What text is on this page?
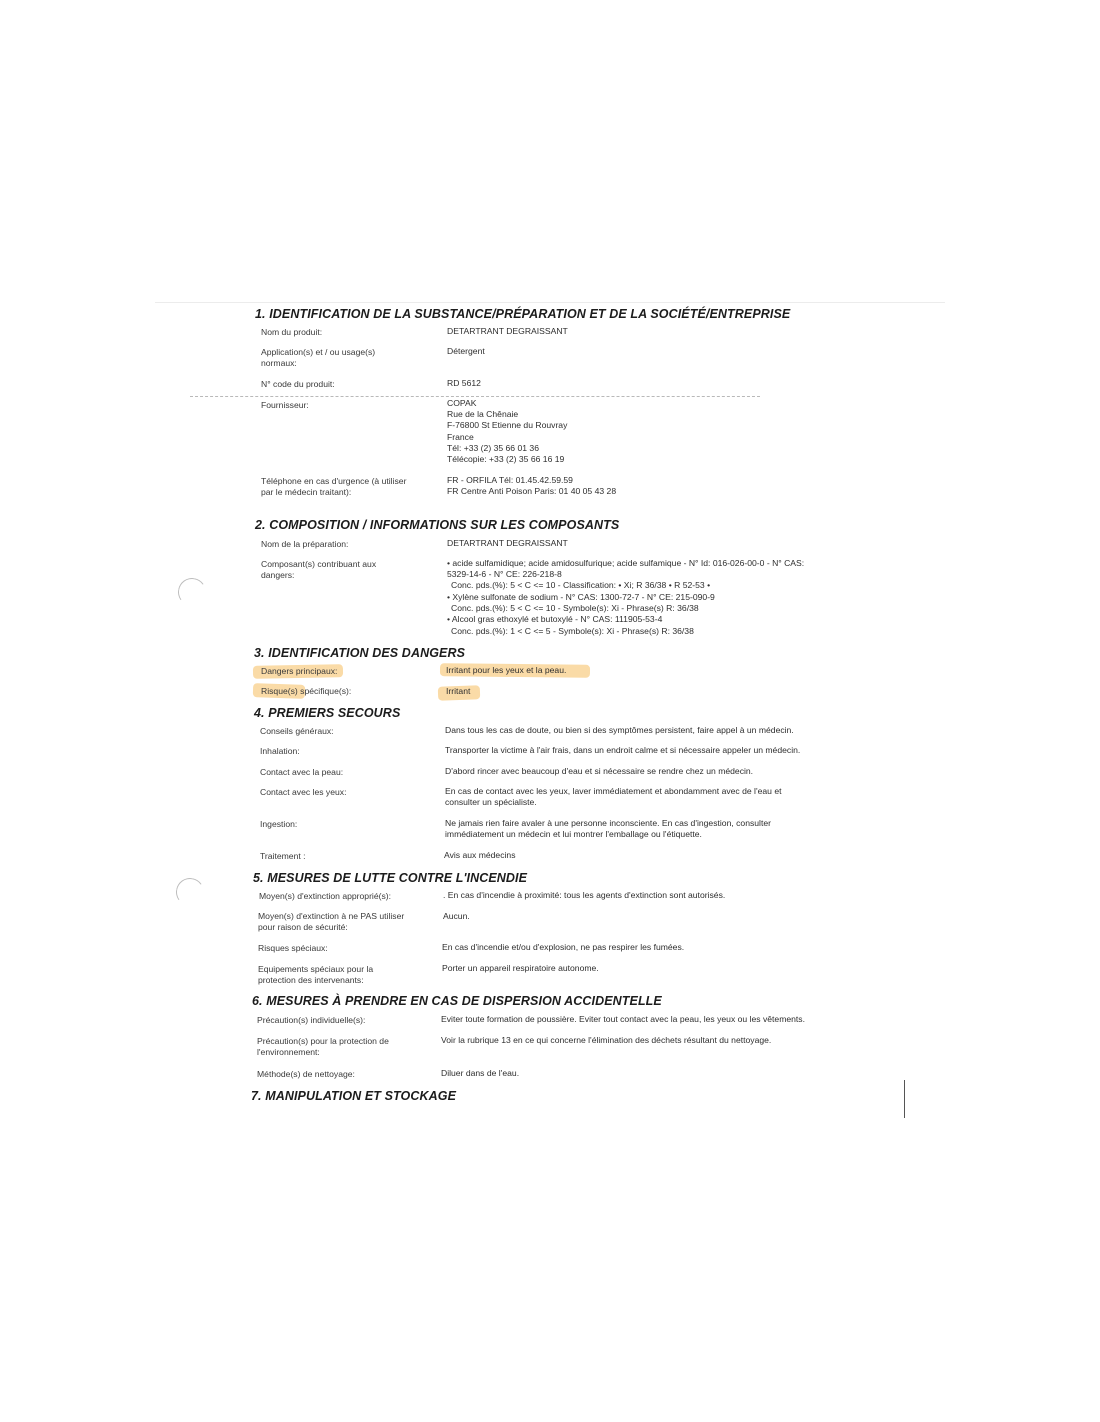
1. IDENTIFICATION DE LA SUBSTANCE/PRÉPARATION ET DE LA SOCIÉTÉ/ENTREPRISE
Nom du produit:	DETARTRANT DEGRAISSANT
Application(s) et / ou usage(s)
normaux:
Détergent
N° code du produit:	RD 5612
Fournisseur:	COPAK
Rue de la Chênaie
F-76800 St Etienne du Rouvray
France
Tél: +33 (2) 35 66 01 36
Télécopie: +33 (2) 35 66 16 19
Téléphone en cas d'urgence (à utiliser
par le médecin traitant):
FR - ORFILA Tél: 01.45.42.59.59
FR Centre Anti Poison Paris: 01 40 05 43 28
2. COMPOSITION / INFORMATIONS SUR LES COMPOSANTS
Nom de la préparation:	DETARTRANT DEGRAISSANT
Composant(s) contribuant aux
dangers:
• acide sulfamidique; acide amidosulfurique; acide sulfamique - N° Id: 016-026-00-0 - N° CAS:
5329-14-6 - N° CE: 226-218-8
Conc. pds.(%): 5 < C <= 10 - Classification: • Xi; R 36/38 • R 52-53 •
• Xylène sulfonate de sodium - N° CAS: 1300-72-7 - N° CE: 215-090-9
Conc. pds.(%): 5 < C <= 10 - Symbole(s): Xi - Phrase(s) R: 36/38
• Alcool gras ethoxylé et butoxylé - N° CAS: 111905-53-4
Conc. pds.(%): 1 < C <= 5 - Symbole(s): Xi - Phrase(s) R: 36/38
3. IDENTIFICATION DES DANGERS
Dangers principaux:	Irritant pour les yeux et la peau.
Risque(s) spécifique(s):	Irritant
4. PREMIERS SECOURS
Conseils généraux:	Dans tous les cas de doute, ou bien si des symptômes persistent, faire appel à un médecin.
Inhalation:	Transporter la victime à l'air frais, dans un endroit calme et si nécessaire appeler un médecin.
Contact avec la peau:	D'abord rincer avec beaucoup d'eau et si nécessaire se rendre chez un médecin.
Contact avec les yeux:	En cas de contact avec les yeux, laver immédiatement et abondamment avec de l'eau et
consulter un spécialiste.
Ingestion:	Ne jamais rien faire avaler à une personne inconsciente. En cas d'ingestion, consulter
immédiatement un médecin et lui montrer l'emballage ou l'étiquette.
Traitement :	Avis aux médecins
5. MESURES DE LUTTE CONTRE L'INCENDIE
Moyen(s) d'extinction approprié(s):	. En cas d'incendie à proximité: tous les agents d'extinction sont autorisés.
Moyen(s) d'extinction à ne PAS utiliser
pour raison de sécurité:
Aucun.
Risques spéciaux:	En cas d'incendie et/ou d'explosion, ne pas respirer les fumées.
Equipements spéciaux pour la
protection des intervenants:
Porter un appareil respiratoire autonome.
6. MESURES À PRENDRE EN CAS DE DISPERSION ACCIDENTELLE
Précaution(s) individuelle(s):	Eviter toute formation de poussière. Eviter tout contact avec la peau, les yeux ou les vêtements.
Précaution(s) pour la protection de
l'environnement:
Voir la rubrique 13 en ce qui concerne l'élimination des déchets résultant du nettoyage.
Méthode(s) de nettoyage:	Diluer dans de l'eau.
7. MANIPULATION ET STOCKAGE
